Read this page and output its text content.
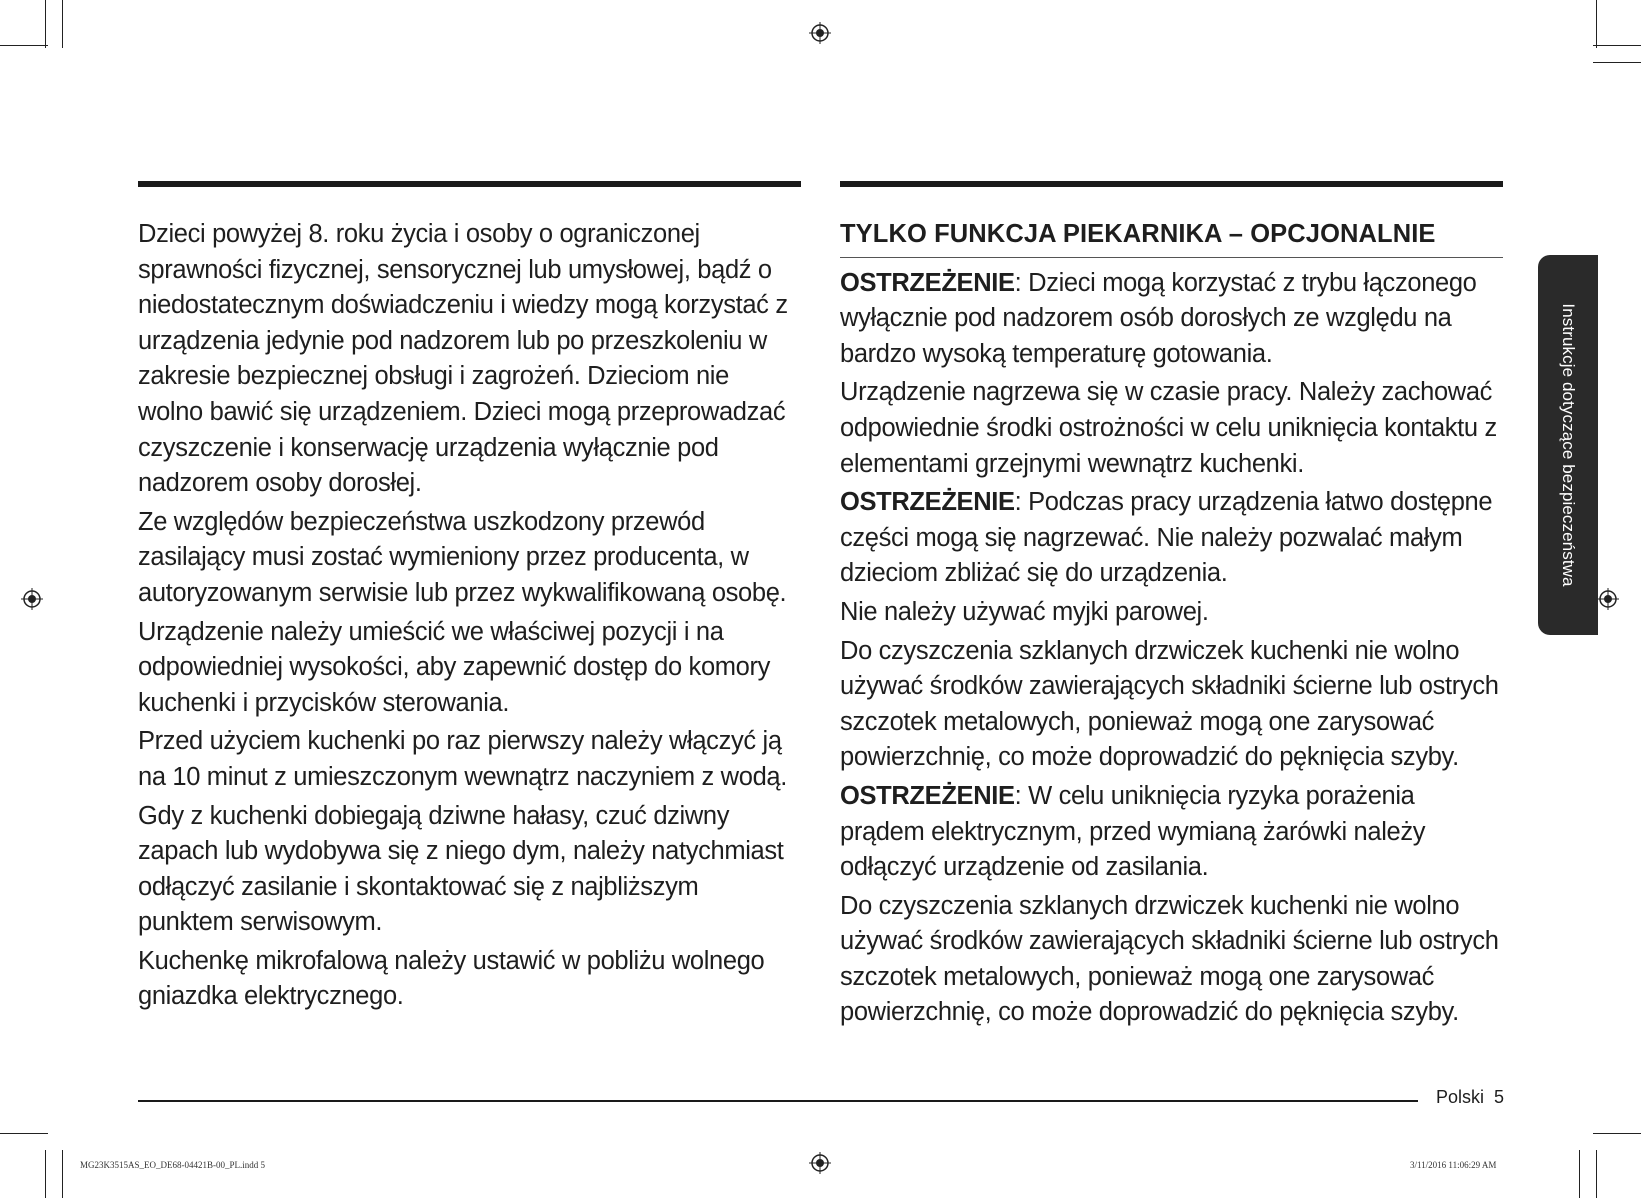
Dzieci powyżej 8. roku życia i osoby o ograniczonej sprawności fizycznej, sensorycznej lub umysłowej, bądź o niedostatecznym doświadczeniu i wiedzy mogą korzystać z urządzenia jedynie pod nadzorem lub po przeszkoleniu w zakresie bezpiecznej obsługi i zagrożeń. Dzieciom nie wolno bawić się urządzeniem. Dzieci mogą przeprowadzać czyszczenie i konserwację urządzenia wyłącznie pod nadzorem osoby dorosłej.

Ze względów bezpieczeństwa uszkodzony przewód zasilający musi zostać wymieniony przez producenta, w autoryzowanym serwisie lub przez wykwalifikowaną osobę.

Urządzenie należy umieścić we właściwej pozycji i na odpowiedniej wysokości, aby zapewnić dostęp do komory kuchenki i przycisków sterowania.

Przed użyciem kuchenki po raz pierwszy należy włączyć ją na 10 minut z umieszczonym wewnątrz naczyniem z wodą.

Gdy z kuchenki dobiegają dziwne hałasy, czuć dziwny zapach lub wydobywa się z niego dym, należy natychmiast odłączyć zasilanie i skontaktować się z najbliższym punktem serwisowym.

Kuchenkę mikrofalową należy ustawić w pobliżu wolnego gniazdka elektrycznego.

TYLKO FUNKCJA PIEKARNIKA – OPCJONALNIE

OSTRZEŻENIE: Dzieci mogą korzystać z trybu łączonego wyłącznie pod nadzorem osób dorosłych ze względu na bardzo wysoką temperaturę gotowania.

Urządzenie nagrzewa się w czasie pracy. Należy zachować odpowiednie środki ostrożności w celu uniknięcia kontaktu z elementami grzejnymi wewnątrz kuchenki.

OSTRZEŻENIE: Podczas pracy urządzenia łatwo dostępne części mogą się nagrzewać. Nie należy pozwalać małym dzieciom zbliżać się do urządzenia.

Nie należy używać myjki parowej.

Do czyszczenia szklanych drzwiczek kuchenki nie wolno używać środków zawierających składniki ścierne lub ostrych szczotek metalowych, ponieważ mogą one zarysować powierzchnię, co może doprowadzić do pęknięcia szyby.

OSTRZEŻENIE: W celu uniknięcia ryzyka porażenia prądem elektrycznym, przed wymianą żarówki należy odłączyć urządzenie od zasilania.

Do czyszczenia szklanych drzwiczek kuchenki nie wolno używać środków zawierających składniki ścierne lub ostrych szczotek metalowych, ponieważ mogą one zarysować powierzchnię, co może doprowadzić do pęknięcia szyby.

Instrukcje dotyczące bezpieczeństwa
Polski 5
MG23K3515AS_EO_DE68-04421B-00_PL.indd 5	3/11/2016 11:06:29 AM
